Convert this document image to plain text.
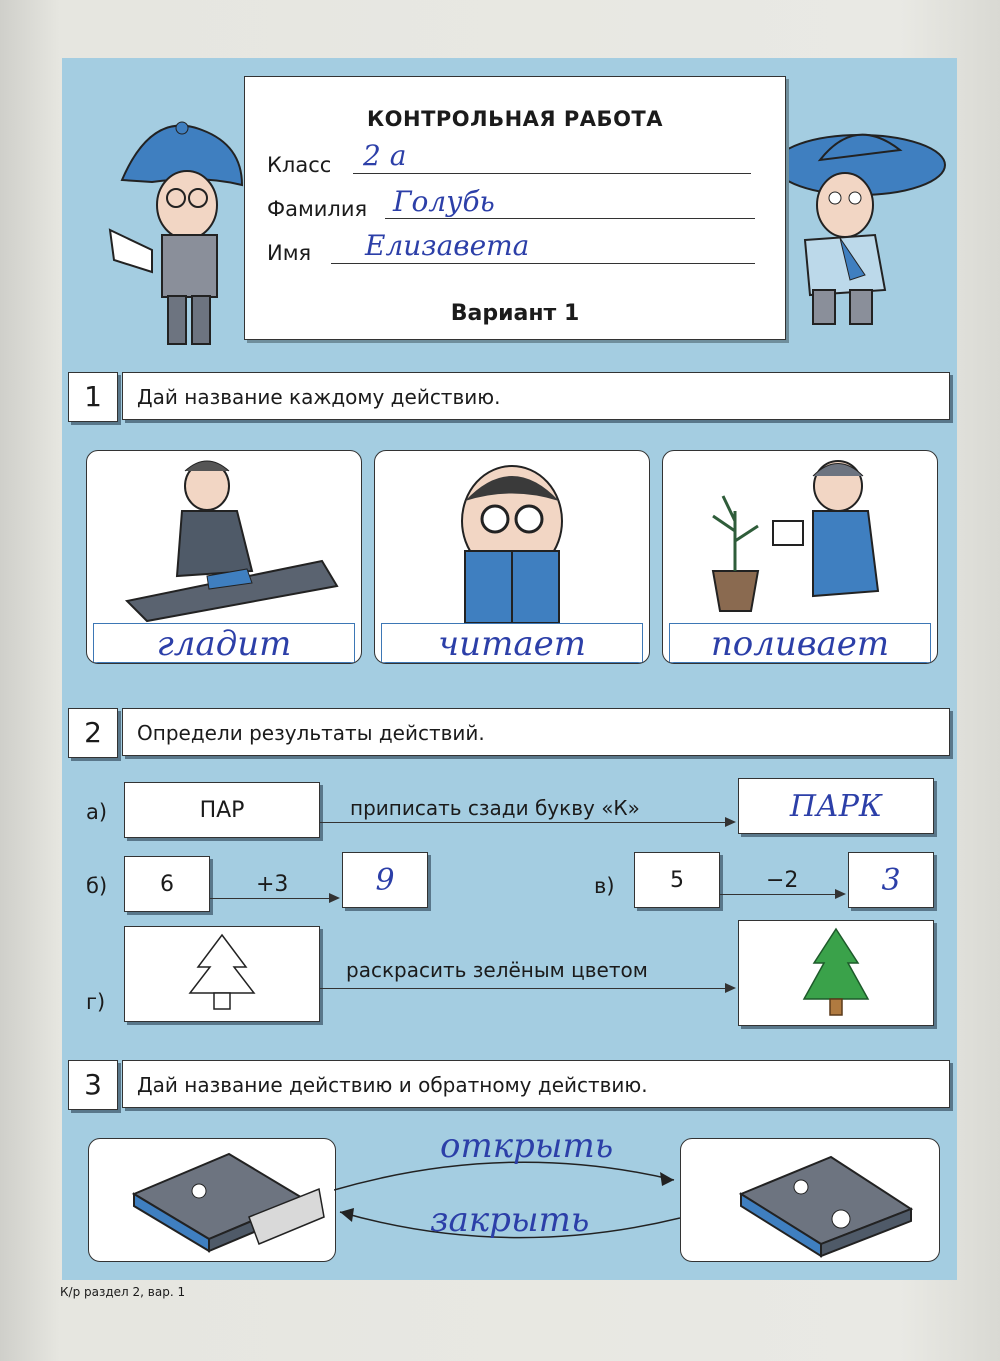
КОНТРОЛЬНАЯ РАБОТА
Класс 2 а
Фамилия Голубь
Имя Елизавета
Вариант 1
1	Дай название каждому действию.
гладит	читает	поливает
2	Определи результаты действий.
а)	ПАР	приписать сзади букву «К»	ПАРК
б)	6	+3	9	в)	5	−2	3
г)
раскрасить зелёным цветом
3	Дай название действию и обратному действию.
открыть
закрыть
К/р раздел 2, вар. 1
